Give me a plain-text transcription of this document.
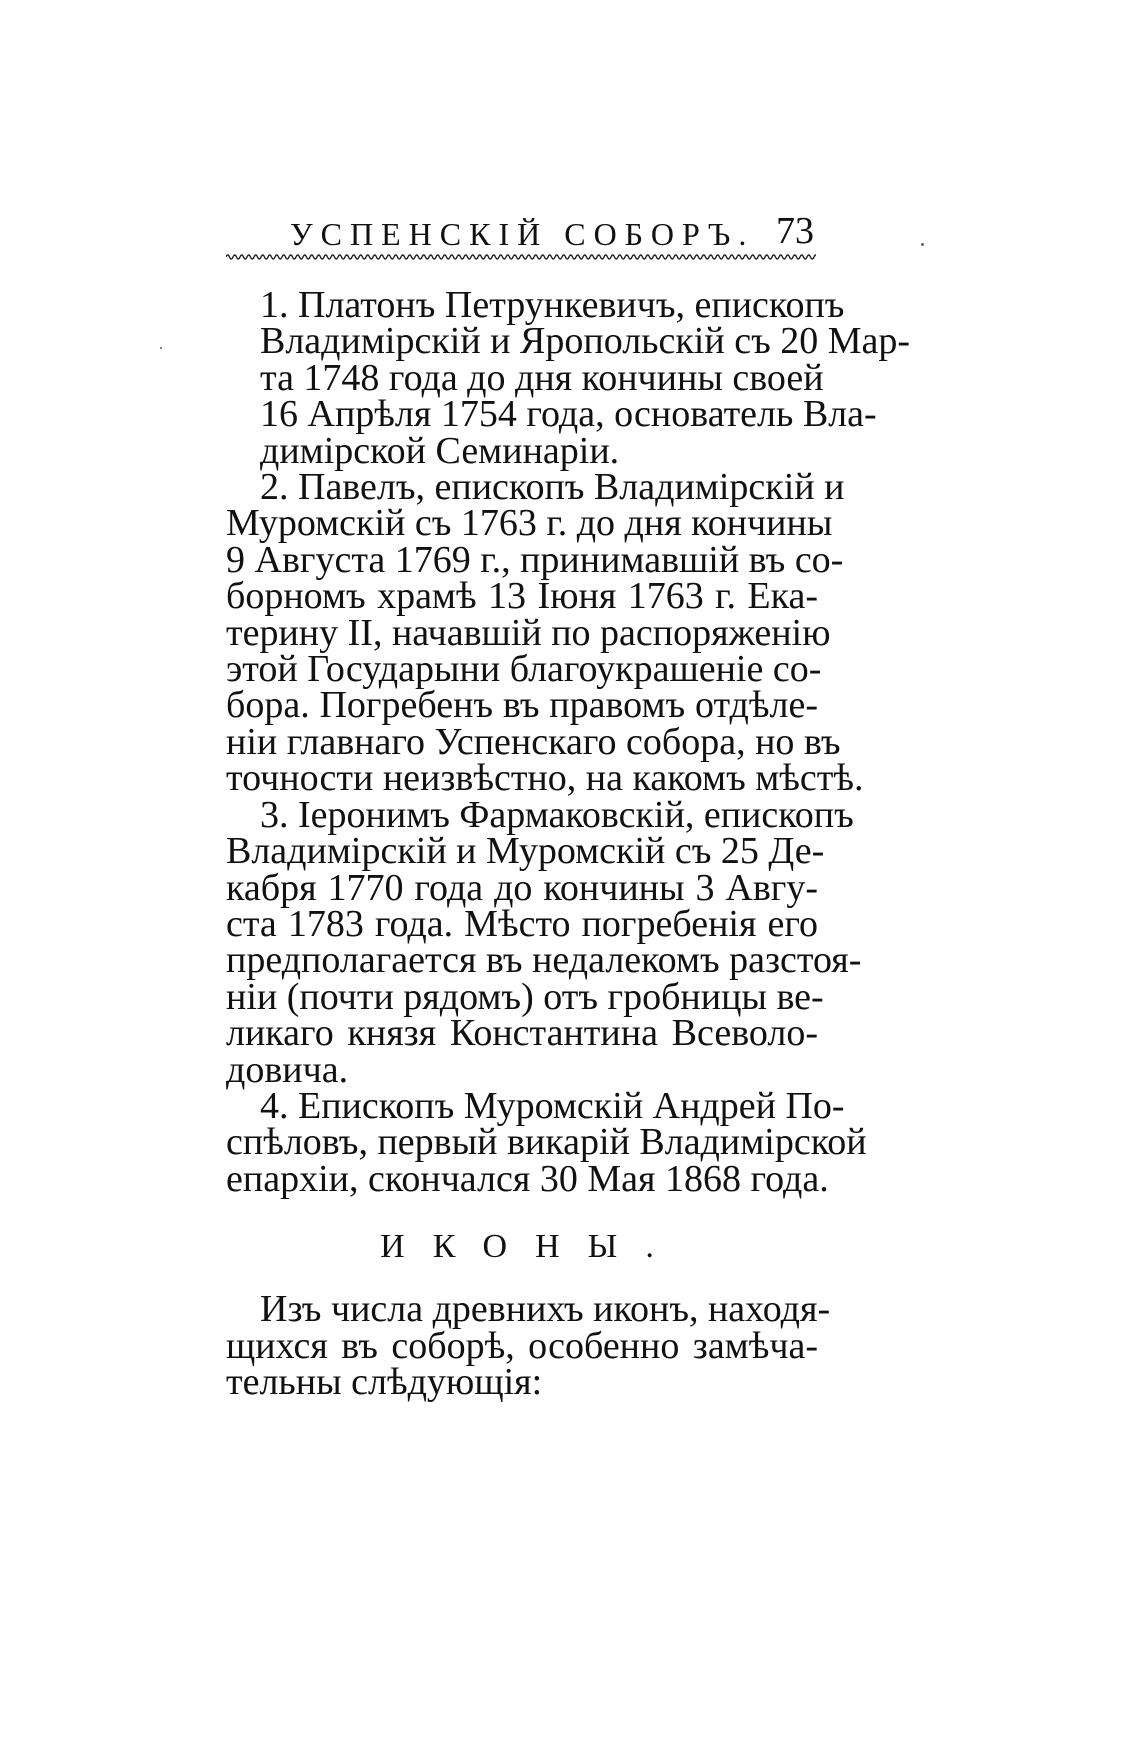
УСПЕНСКІЙ СОБОРЪ. 73

1. Платонъ Петрункевичъ, епископъ
Владимірскій и Яропольскій съ 20 Мар-
та 1748 года до дня кончины своей
16 Апрѣля 1754 года, основатель Вла-
димірской Семинаріи.

2. Павелъ, епископъ Владимірскій и
Муромскій съ 1763 г. до дня кончины
9 Августа 1769 г., принимавшій въ со-
борномъ храмѣ 13 Іюня 1763 г. Ека-
терину II, начавшій по распоряженію
этой Государыни благоукрашеніе со-
бора. Погребенъ въ правомъ отдѣле-
ніи главнаго Успенскаго собора, но въ
точности неизвѣстно, на какомъ мѣстѣ.

3. Іеронимъ Фармаковскій, епископъ
Владимірскій и Муромскій съ 25 Де-
кабря 1770 года до кончины 3 Авгу-
ста 1783 года. Мѣсто погребенія его
предполагается въ недалекомъ разстоя-
ніи (почти рядомъ) отъ гробницы ве-
ликаго князя Константина Всеволо-
довича.

4. Епископъ Муромскій Андрей По-
спѣловъ, первый викарій Владимірской
епархіи, скончался 30 Мая 1868 года.

ИКОНЫ.

Изъ числа древнихъ иконъ, находя-
щихся въ соборѣ, особенно замѣча-
тельны слѣдующія:
